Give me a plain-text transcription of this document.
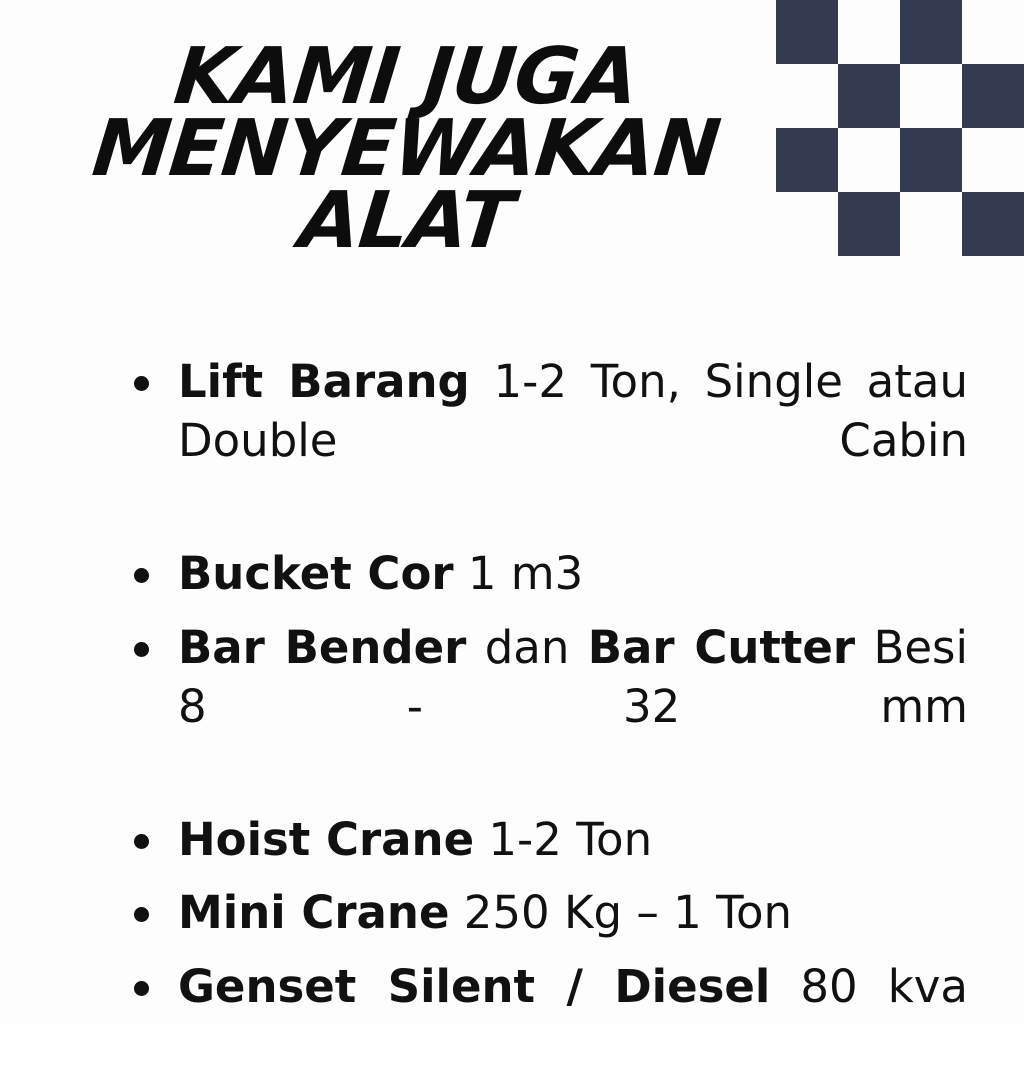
KAMI JUGA
MENYEWAKAN
ALAT
Lift Barang 1-2 Ton, Single atau Double Cabin
Bucket Cor 1 m3
Bar Bender dan Bar Cutter Besi 8 - 32 mm
Hoist Crane 1-2 Ton
Mini Crane 250 Kg – 1 Ton
Genset Silent / Diesel 80 kva
